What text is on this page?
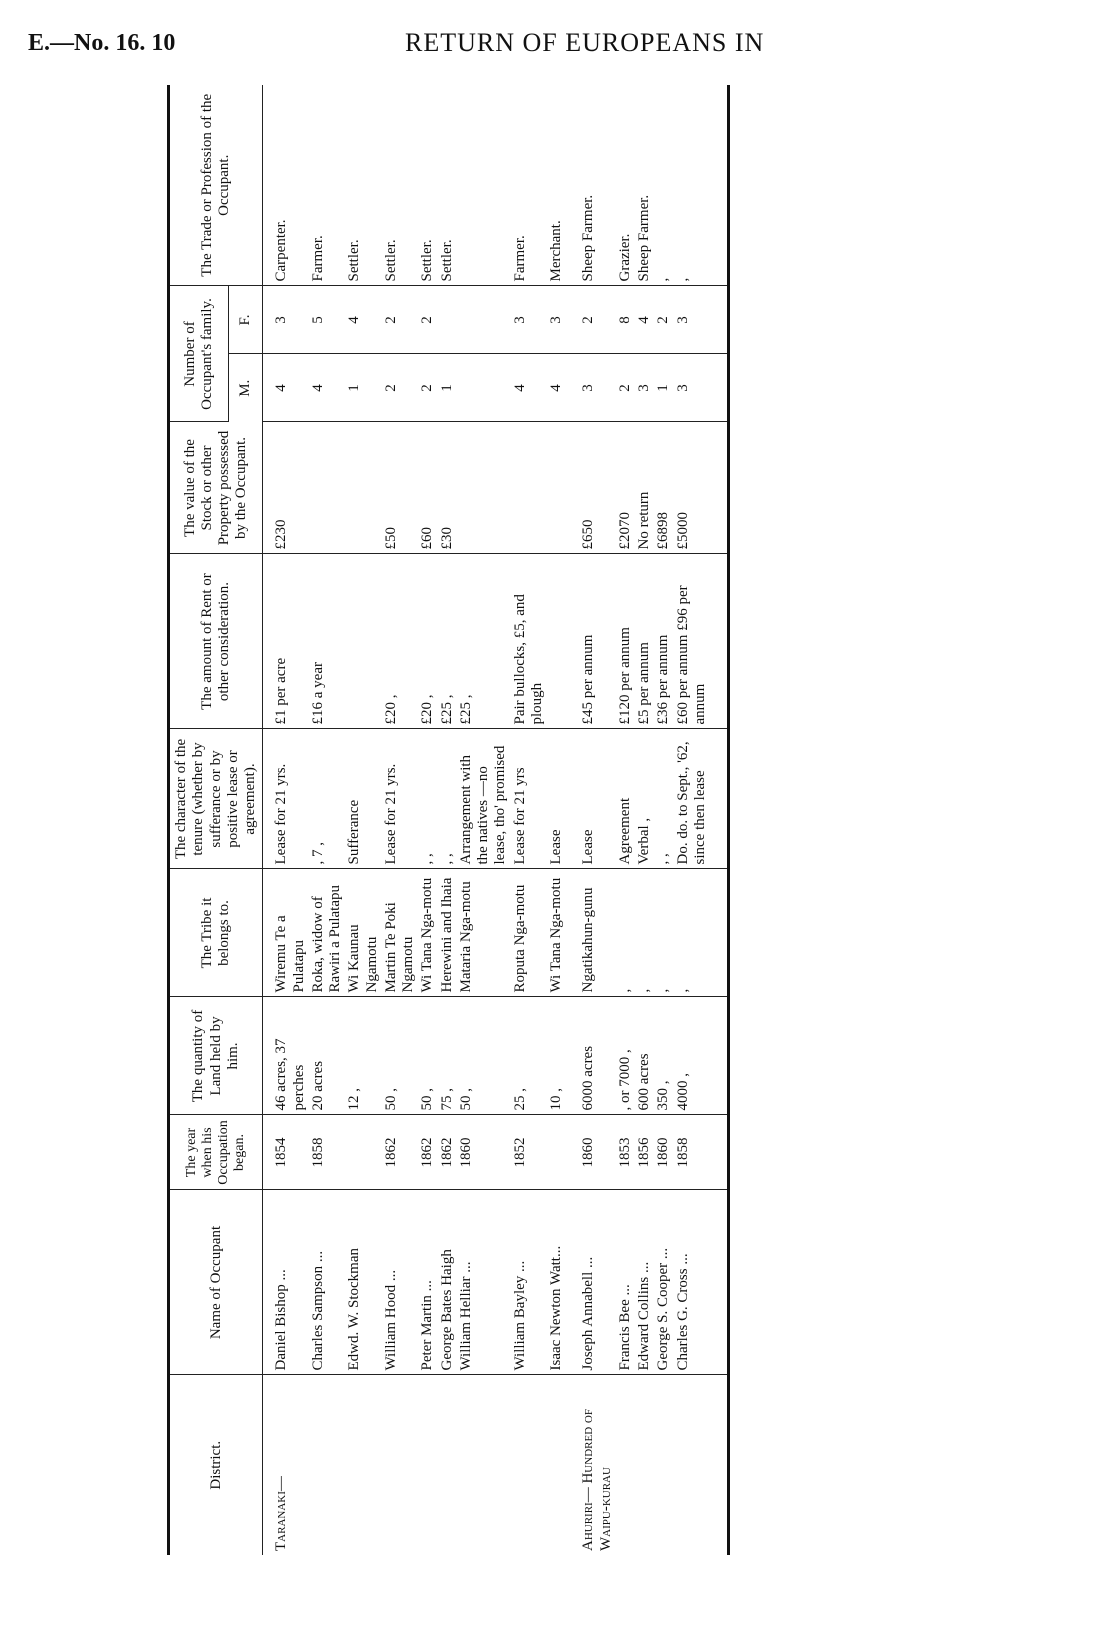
E.—No. 16. 10	RETURN OF EUROPEANS IN
District.	Name of Occupant	The year when his Occupation began.	The quantity of Land held by him.	The Tribe it belongs to.	The character of the tenure (whether by sufferance or by positive lease or agreement).	The amount of Rent or other consideration.	The value of the Stock or other Property possessed by the Occupant.	Number of Occupant's family.		The Trade or Profession of the Occupant.
								M.	F.	
Taranaki—	Daniel Bishop ...	1854	46 acres, 37 perches	Wiremu Te a Pulatapu	Lease for 21 yrs.	£1 per acre	£230	4	3	Carpenter.
	Charles Sampson ...	1858	20 acres	Roka, widow of Rawiri a Pulatapu	, 7 ,	£16 a year		4	5	Farmer.
	Edwd. W. Stockman		12 ,	Wi Kaunau Ngamotu	Sufferance			1	4	Settler.
	William Hood ...	1862	50 ,	Martin Te Poki Ngamotu	Lease for 21 yrs.	£20 ,	£50	2	2	Settler.
	Peter Martin ...	1862	50 ,	Wi Tana Nga-motu	, ,	£20 ,	£60	2	2	Settler.
	George Bates Haigh	1862	75 ,	Herewini and Ihaia	, ,	£25 ,	£30	1		Settler.
	William Helliar ...	1860	50 ,	Mataria Nga-motu	Arrangement with the natives —no lease, tho' promised	£25 ,				
	William Bayley ...	1852	25 ,	Roputa Nga-motu	Lease for 21 yrs	Pair bullocks, £5, and plough		4	3	Farmer.
	Isaac Newton Watt...		10 ,	Wi Tana Nga-motu	Lease			4	3	Merchant.
Ahuriri— Hundred of Waipu-kurau	Joseph Annabell ...	1860	6000 acres	Ngatikahun-gunu	Lease	£45 per annum	£650	3	2	Sheep Farmer.
	Francis Bee ...	1853	, or 7000 ,	,	Agreement	£120 per annum	£2070	2	8	Grazier.
	Edward Collins ...	1856	600 acres	,	Verbal ,	£5 per annum	No return	3	4	Sheep Farmer.
	George S. Cooper ...	1860	350 ,	,	, ,	£36 per annum	£6898	1	2	,
	Charles G. Cross ...	1858	4000 ,	,	Do. do. to Sept., '62, since then lease	£60 per annum £96 per annum	£5000	3	3	,
